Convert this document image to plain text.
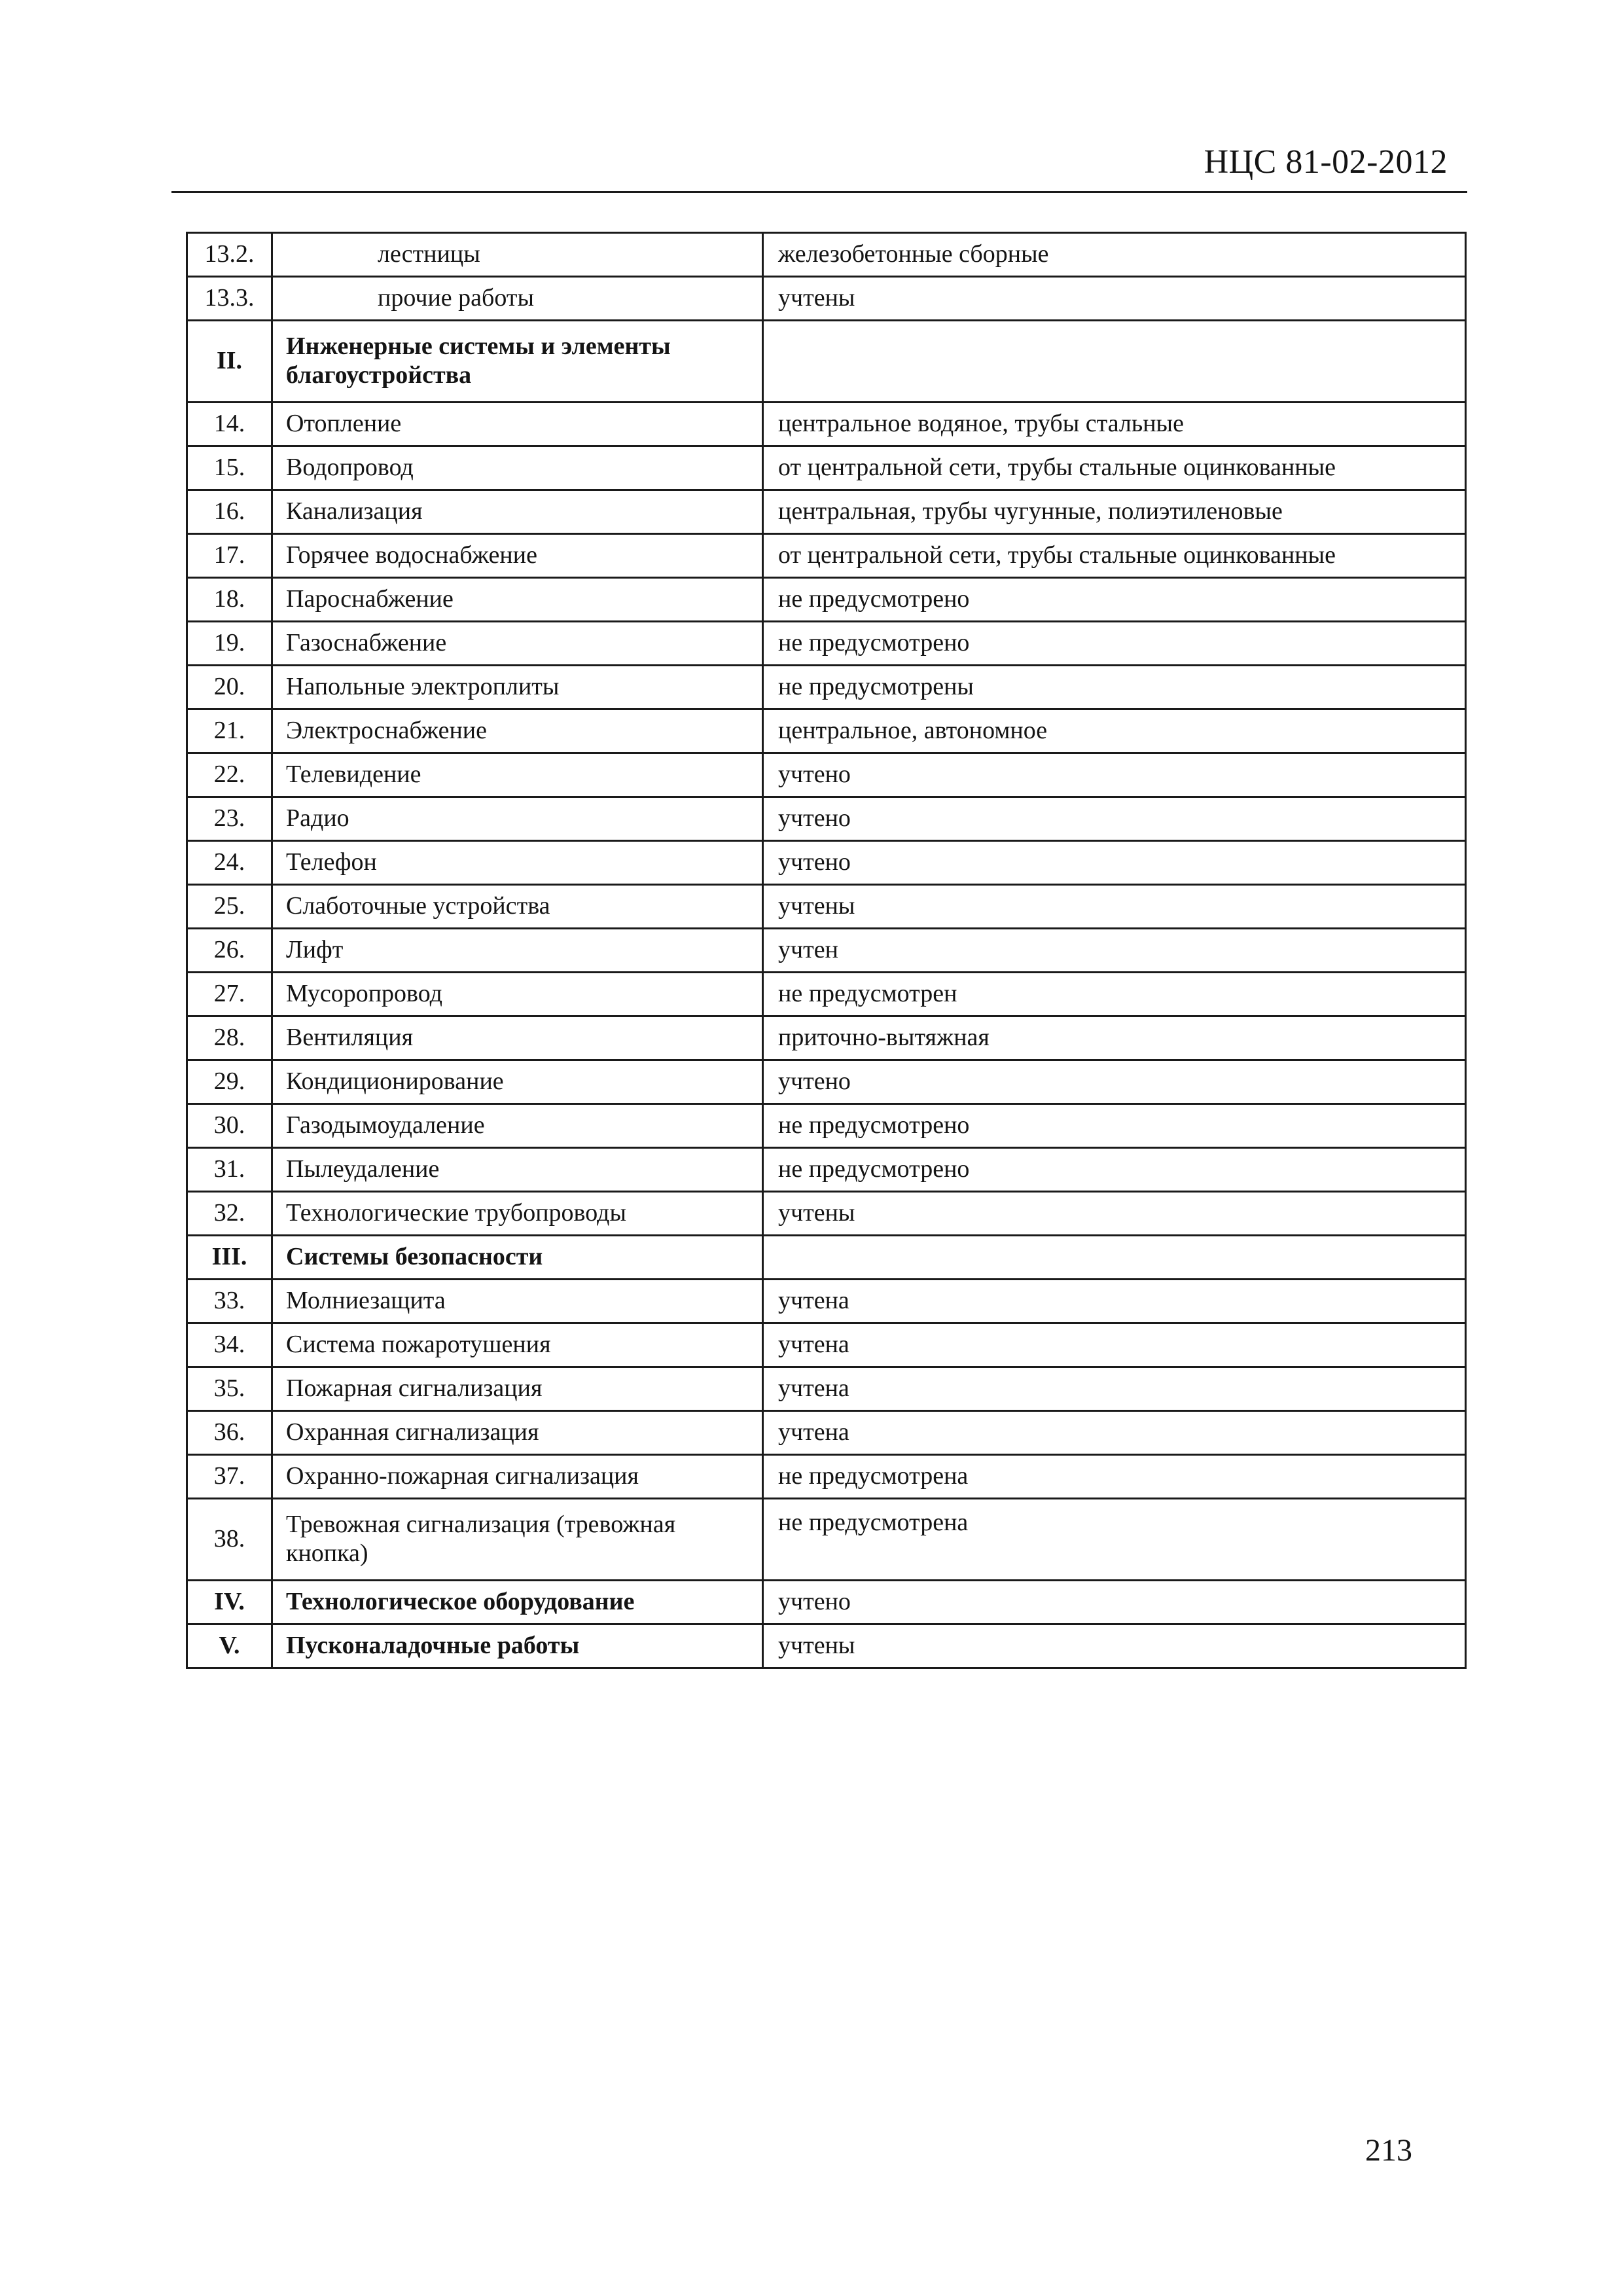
НЦС 81-02-2012
13.2.	лестницы	железобетонные сборные
13.3.	прочие работы	учтены
II.	Инженерные системы и элементы благоустройства	
14.	Отопление	центральное водяное, трубы стальные
15.	Водопровод	от центральной сети, трубы стальные оцинкованные
16.	Канализация	центральная, трубы чугунные, полиэтиленовые
17.	Горячее водоснабжение	от центральной сети, трубы стальные оцинкованные
18.	Пароснабжение	не предусмотрено
19.	Газоснабжение	не предусмотрено
20.	Напольные электроплиты	не предусмотрены
21.	Электроснабжение	центральное, автономное
22.	Телевидение	учтено
23.	Радио	учтено
24.	Телефон	учтено
25.	Слаботочные устройства	учтены
26.	Лифт	учтен
27.	Мусоропровод	не предусмотрен
28.	Вентиляция	приточно-вытяжная
29.	Кондиционирование	учтено
30.	Газодымоудаление	не предусмотрено
31.	Пылеудаление	не предусмотрено
32.	Технологические трубопроводы	учтены
III.	Системы безопасности	
33.	Молниезащита	учтена
34.	Система пожаротушения	учтена
35.	Пожарная сигнализация	учтена
36.	Охранная сигнализация	учтена
37.	Охранно-пожарная сигнализация	не предусмотрена
38.	Тревожная сигнализация (тревожная кнопка)	не предусмотрена
IV.	Технологическое оборудование	учтено
V.	Пусконаладочные работы	учтены
213
